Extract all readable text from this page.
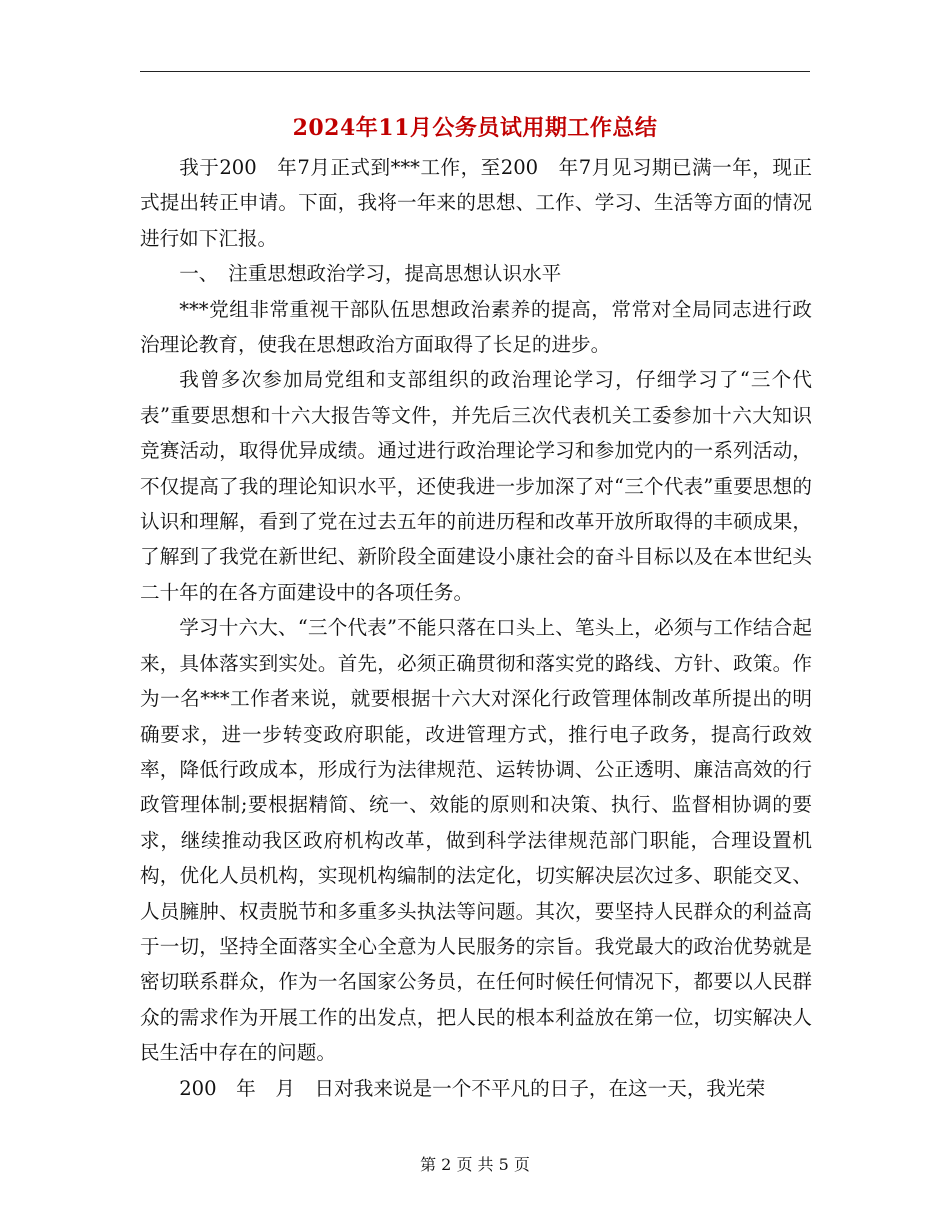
2024年11月公务员试用期工作总结

我于200　年7月正式到***工作，至200　年7月见习期已满一年，现正式提出转正申请。下面，我将一年来的思想、工作、学习、生活等方面的情况进行如下汇报。

一、　注重思想政治学习，提高思想认识水平

***党组非常重视干部队伍思想政治素养的提高，常常对全局同志进行政治理论教育，使我在思想政治方面取得了长足的进步。

我曾多次参加局党组和支部组织的政治理论学习，仔细学习了“三个代表”重要思想和十六大报告等文件，并先后三次代表机关工委参加十六大知识竞赛活动，取得优异成绩。通过进行政治理论学习和参加党内的一系列活动，不仅提高了我的理论知识水平，还使我进一步加深了对“三个代表”重要思想的认识和理解，看到了党在过去五年的前进历程和改革开放所取得的丰硕成果，了解到了我党在新世纪、新阶段全面建设小康社会的奋斗目标以及在本世纪头二十年的在各方面建设中的各项任务。

学习十六大、“三个代表”不能只落在口头上、笔头上，必须与工作结合起来，具体落实到实处。首先，必须正确贯彻和落实党的路线、方针、政策。作为一名***工作者来说，就要根据十六大对深化行政管理体制改革所提出的明确要求，进一步转变政府职能，改进管理方式，推行电子政务，提高行政效率，降低行政成本，形成行为法律规范、运转协调、公正透明、廉洁高效的行政管理体制;要根据精简、统一、效能的原则和决策、执行、监督相协调的要求，继续推动我区政府机构改革，做到科学法律规范部门职能，合理设置机构，优化人员机构，实现机构编制的法定化，切实解决层次过多、职能交叉、人员臃肿、权责脱节和多重多头执法等问题。其次，要坚持人民群众的利益高于一切，坚持全面落实全心全意为人民服务的宗旨。我党最大的政治优势就是密切联系群众，作为一名国家公务员，在任何时候任何情况下，都要以人民群众的需求作为开展工作的出发点，把人民的根本利益放在第一位，切实解决人民生活中存在的问题。

200　年　月　日对我来说是一个不平凡的日子，在这一天，我光荣

第 2 页 共 5 页
